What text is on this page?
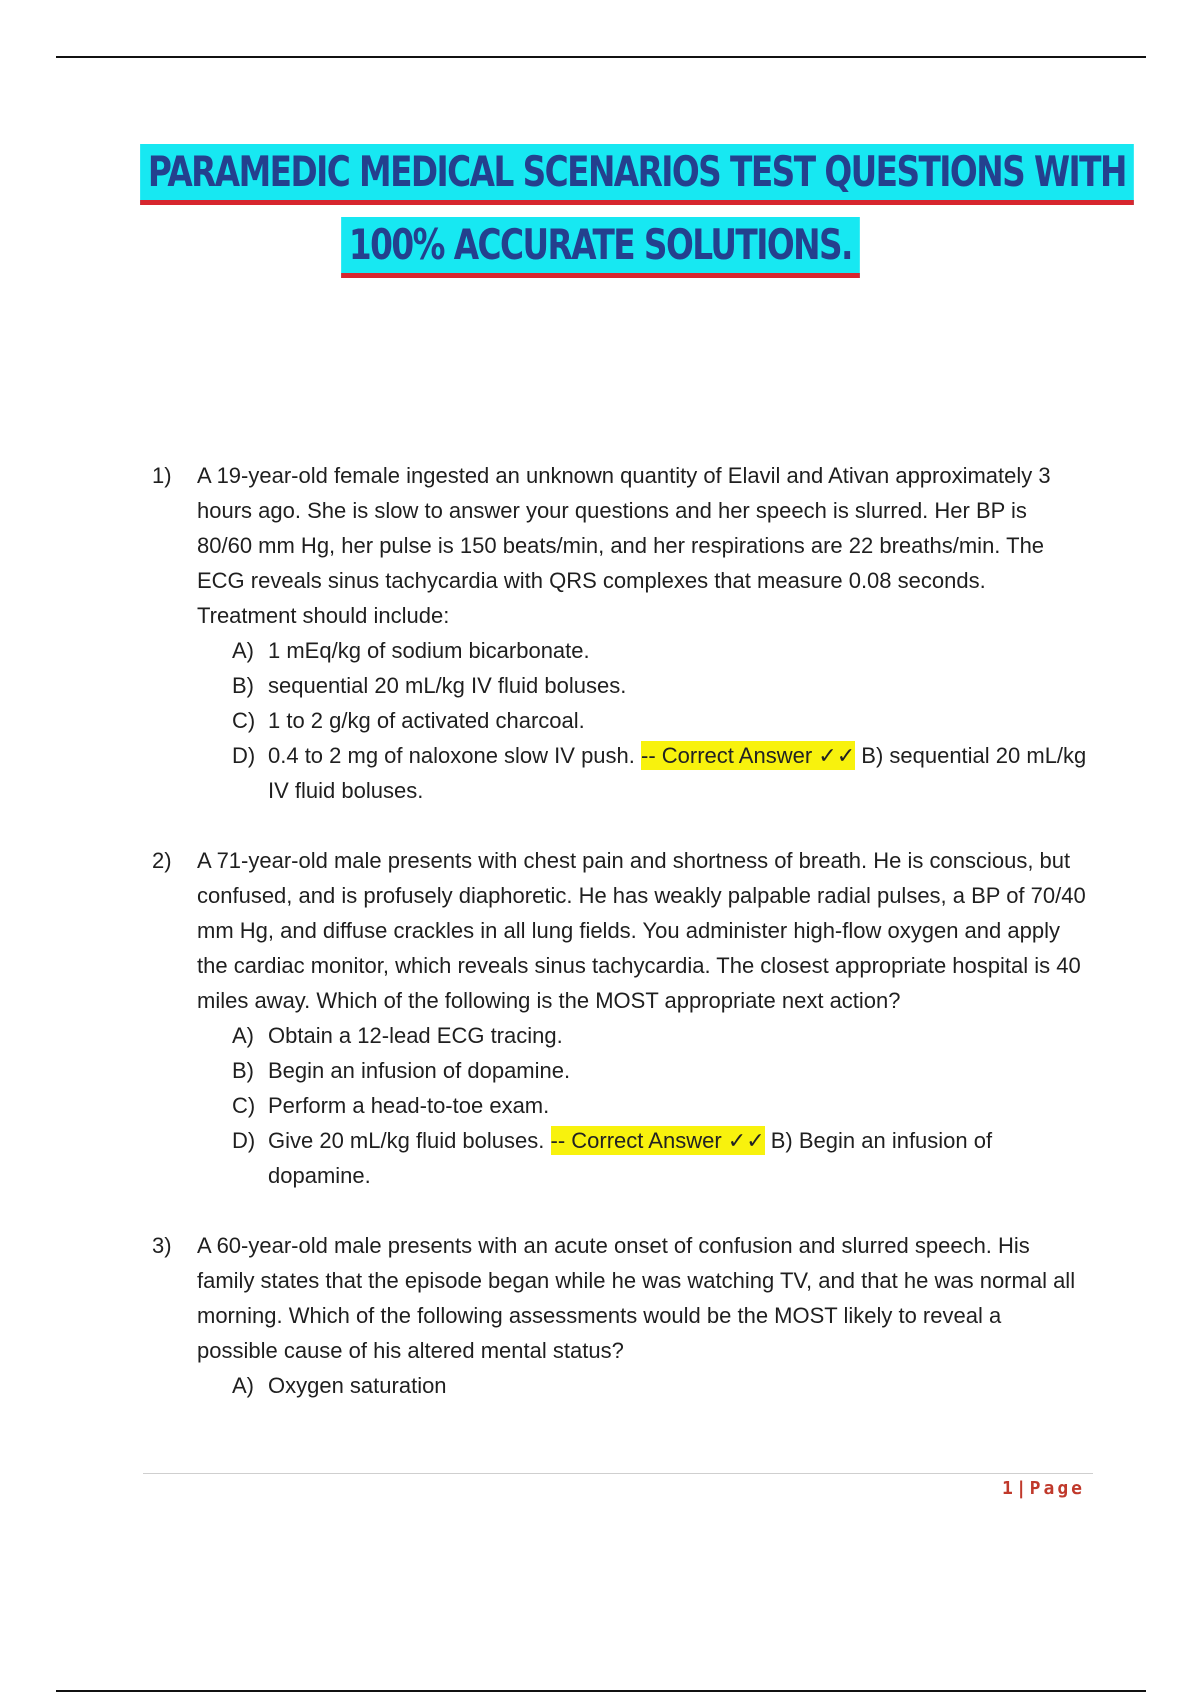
PARAMEDIC MEDICAL SCENARIOS TEST QUESTIONS WITH
100% ACCURATE SOLUTIONS.
1) A 19-year-old female ingested an unknown quantity of Elavil and Ativan approximately 3 hours ago. She is slow to answer your questions and her speech is slurred. Her BP is 80/60 mm Hg, her pulse is 150 beats/min, and her respirations are 22 breaths/min. The ECG reveals sinus tachycardia with QRS complexes that measure 0.08 seconds. Treatment should include:
A) 1 mEq/kg of sodium bicarbonate.
B) sequential 20 mL/kg IV fluid boluses.
C) 1 to 2 g/kg of activated charcoal.
D) 0.4 to 2 mg of naloxone slow IV push. -- Correct Answer ✓✓ B) sequential 20 mL/kg IV fluid boluses.
2) A 71-year-old male presents with chest pain and shortness of breath. He is conscious, but confused, and is profusely diaphoretic. He has weakly palpable radial pulses, a BP of 70/40 mm Hg, and diffuse crackles in all lung fields. You administer high-flow oxygen and apply the cardiac monitor, which reveals sinus tachycardia. The closest appropriate hospital is 40 miles away. Which of the following is the MOST appropriate next action?
A) Obtain a 12-lead ECG tracing.
B) Begin an infusion of dopamine.
C) Perform a head-to-toe exam.
D) Give 20 mL/kg fluid boluses. -- Correct Answer ✓✓ B) Begin an infusion of dopamine.
3) A 60-year-old male presents with an acute onset of confusion and slurred speech. His family states that the episode began while he was watching TV, and that he was normal all morning. Which of the following assessments would be the MOST likely to reveal a possible cause of his altered mental status?
A) Oxygen saturation
1|Page
